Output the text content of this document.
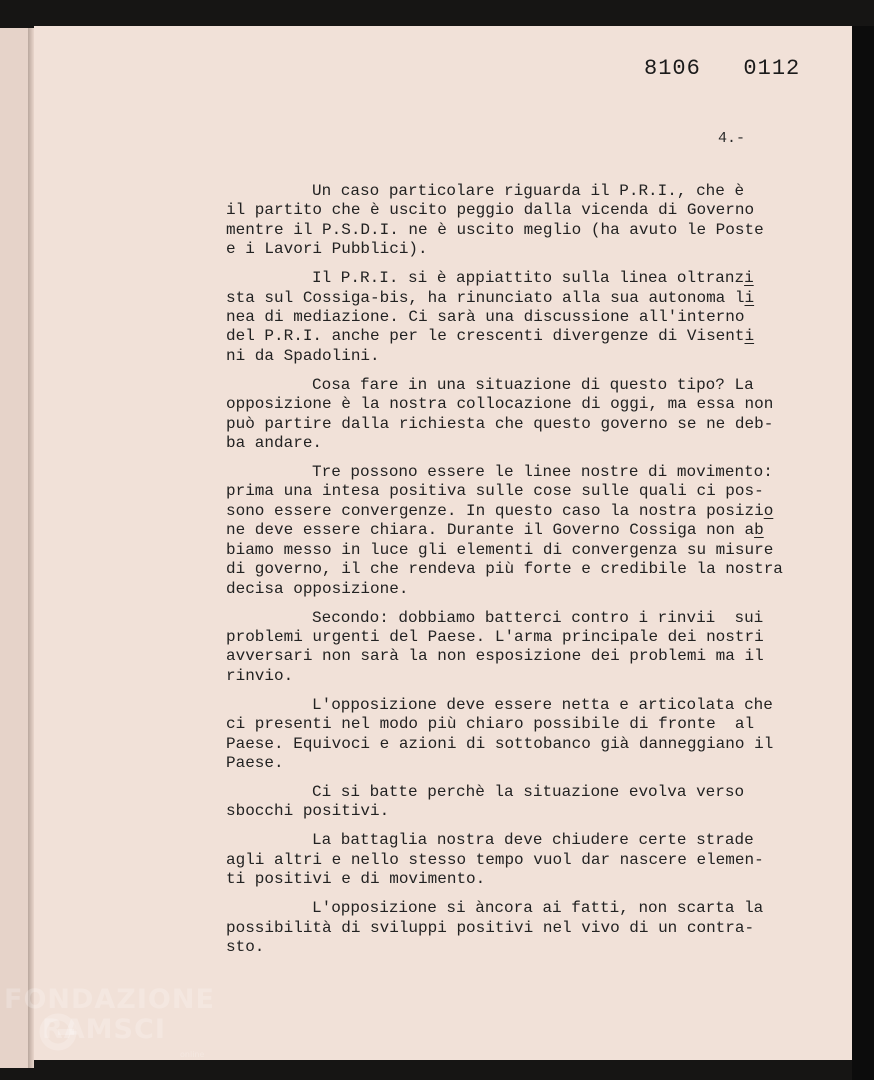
8106   0112
4.-
Un caso particolare riguarda il P.R.I., che è
il partito che è uscito peggio dalla vicenda di Governo
mentre il P.S.D.I. ne è uscito meglio (ha avuto le Poste
e i Lavori Pubblici).
Il P.R.I. si è appiattito sulla linea oltranzi
sta sul Cossiga-bis, ha rinunciato alla sua autonoma li
nea di mediazione. Ci sarà una discussione all'interno
del P.R.I. anche per le crescenti divergenze di Visenti
ni da Spadolini.
Cosa fare in una situazione di questo tipo? La
opposizione è la nostra collocazione di oggi, ma essa non
può partire dalla richiesta che questo governo se ne deb-
ba andare.
Tre possono essere le linee nostre di movimento:
prima una intesa positiva sulle cose sulle quali ci pos-
sono essere convergenze. In questo caso la nostra posizio
ne deve essere chiara. Durante il Governo Cossiga non ab
biamo messo in luce gli elementi di convergenza su misure
di governo, il che rendeva più forte e credibile la nostra
decisa opposizione.
Secondo: dobbiamo batterci contro i rinvii  sui
problemi urgenti del Paese. L'arma principale dei nostri
avversari non sarà la non esposizione dei problemi ma il
rinvio.
L'opposizione deve essere netta e articolata che
ci presenti nel modo più chiaro possibile di fronte  al
Paese. Equivoci e azioni di sottobanco già danneggiano il
Paese.
Ci si batte perchè la situazione evolva verso
sbocchi positivi.
La battaglia nostra deve chiudere certe strade
agli altri e nello stesso tempo vuol dar nascere elemen-
ti positivi e di movimento.
L'opposizione si àncora ai fatti, non scarta la
possibilità di sviluppi positivi nel vivo di un contra-
sto.
FONDAZIONE
RAMSCI
online
